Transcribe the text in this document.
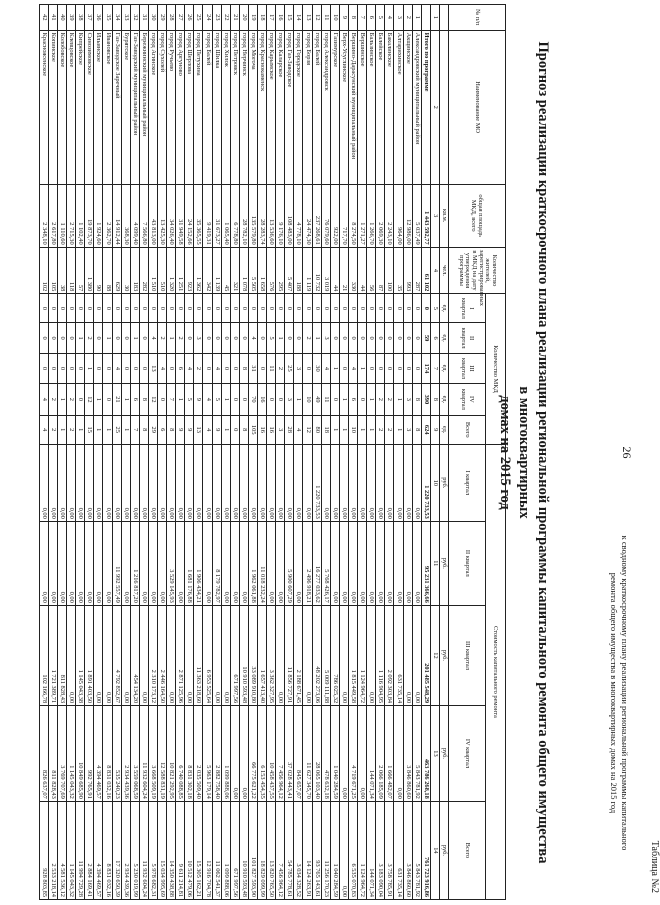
26
Таблица №2
к сводному краткосрочному плану реализации региональной программы капитального
ремонта общего имущества в многоквартирных домах на 2015 год
Прогноз реализации краткосрочного плана реализации региональной программы капитального ремонта общего имущества в многоквартирных
домах на 2015 год
№ п/п	Наименование МО	общая площадь МКД, всего	Количество жителей, зарегистрированных в МКД на дату утверждения программы	Количество МКД					Стоимость капитального ремонта				
				I квартал	II квартал	III квартал	IV квартал	Всего	I квартал	II квартал	III квартал	IV квартал	Всего
		кв.м.	чел.	ед.	ед.	ед.	ед.	ед.	руб.	руб.	руб.	руб.	руб.
1	2	3	4	5	6	7	8	9	10	11	12	13	14
	Итого по программе	1 443 592,77	61 102	0	59	174	390	624	1 220 733,53	95 231 366,66	201 485 548,29	463 786 268,18	761 723 916,86
1	Александровский муниципальный район	5 037,49	287	0	0	0	8	8	0,00	0,00	0,00	5 843 781,92	5 843 781,92
2	Акщинское	12 986,00	993	0	0	0	3	3	0,00	0,00	0,00	3 846 860,60	3 846 860,60
3	Алтарихинское	964,00	35	0	0	0	1	1	0,00	0,00	631 735,14	0,00	631 735,14
4	Бакалинское	2 243,10	100	0	0	0	2	2	0,00	0,00	2 092 303,84	1 666 482,07	3 758 785,91
5	Балейское	2 069,30	87	0	0	0	2	2	0,00	0,00	1 116 904,95	2 066 185,09	3 183 090,04
6	Бальзинское	1 266,70	56	0	0	0	1	1	0,00	0,00	0,00	144 071,34	144 071,34
7	Вершинское	1 271,27	44	0	0	1	0	1	0,00	0,00	1 124 964,72	0,00	1 124 964,72
8	Вершино-Дарасунский муниципальный район	8 274,50	330	0	0	4	6	10	0,00	0,00	1 815 449,58	4 719 671,25	6 535 070,83
9	Верх-Усуглинское	717,70	21	0	0	0	1	1	0,00	0,00	0,00	0,00	0,00
10	Газимурское	922,00	44	0	0	1	0	1	0,00	0,00	786 025,32	1 040 284,59	1 040 284,59
11	город Александровск	76 079,60	3 019	0	3	4	11	18	0,00	5 768 426,17	5 009 111,88	478 632,18	11 256 170,23
12	город Балей	237 268,61	10 732	0	1	30	49	80	1 220 733,53	16 277 033,62	48 202 273,06	28 065 103,40	93 765 143,61
13	город Борзя	24 474,30	1 119	0	2	0	10	12	0,00	2 496 918,21	0,00	11 627 345,70	14 124 263,91
14	город Городское	4 778,10	188	0	0	3	1	4	0,00	0,00	2 188 671,45	845 657,07	3 034 328,52
15	город Газ-Заводское	108 483,00	5 407	0	0	25	3	28	0,00	5 900 607,29	11 856 727,91	37 028 443,41	54 785 778,61
16	город Каларское	9 176,10	295	0	1	2	0	3	0,00	0,00	0,00	7 456 964,12	7 456 964,12
17	город Карымское	13 536,60	576	0	5	11	0	16	0,00	0,00	3 362 327,95	10 458 437,55	13 820 765,50
18	город Краснокаменск	28 283,74	1 658	0	0	0	16	16	0,00	11 018 232,24	1 657 413,40	6 153 454,35	18 829 099,99
19	город Могоча	135 579,80	5 505	0	4	31	70	105	0,00	1 962 061,88	33 089 910,80	66 775 621,22	101 827 593,90
20	город Нерчинск	28 782,10	1 078	0	0	8	0	8	0,00	0,00	10 910 593,48	0,00	10 910 593,48
21	город Петровск	6 778,80	321	0	0	0	0	0	0,00	0,00	671 997,56	0,00	671 997,56
22	город Хилок	1 065,40	45	0	0	0	1	1	0,00	0,00	0,00	1 099 888,06	1 099 888,06
23	город Шилка	31 673,27	1 139	0	0	4	5	9	0,00	8 179 782,97	0,00	2 882 758,40	11 062 541,37
24	город Балей	9 419,31	342	0	0	0	4	4	0,00	0,00	6 953 525,64	5 963 179,14	12 916 704,78
25	город Петухина	35 365,55	1 362	0	3	2	9	13	0,00	1 906 434,21	11 363 218,60	2 035 509,40	15 305 162,21
26	город Шерлова	24 152,66	923	0	0	4	5	9	0,00	1 681 176,88	0,00	8 831 302,18	10 512 479,06
27	город Аргуново	31 949,58	1 251	0	2	6	1	9	0,00	0,00	2 871 125,96	6 740 088,85	9 611 214,81
28	город Ручьево	34 026,40	1 320	0	1	0	7	8	0,00	3 529 145,93	0,00	10 821 292,95	14 350 438,88
29	город Сухолей	13 425,30	510	0	2	4	0	6	0,00	0,00	2 446 164,50	12 588 831,19	15 034 995,69
30	город Агинское	43 813,00	1 510	0	4	13	12	29	0,00	0,00	2 310 173,12	3 668 509,19	5 978 682,31
31	Бережнинский муниципальный район	7 566,80	282	0	0	0	8	8	0,00	0,00	0,00	11 932 604,24	11 932 604,24
32	Газ-Заводский муниципальный район	4 099,40	183	0	1	0	6	7	0,00	1 216 817,20	454 134,20	3 559 068,59	5 230 019,99
33	Бурятское	368,30	30	0	0	0	1	1	0,00	0,00	0,00	2 934 439,36	2 934 439,36
34	Газ-Заводское Заречный	14 912,44	629	0	0	4	21	25	0,00	11 992 557,49	4 792 852,67	535 240,23	17 320 650,39
35	Ивановское	2 362,70	88	0	1	0	0	1	0,00	0,00	0,00	8 831 032,16	8 831 032,16
36	Ильинское	1 924,60	90	0	0	0	1	1	0,00	0,00	0,00	4 394 469,57	4 394 469,57
37	Синозимовское	19 873,70	1 380	0	2	1	12	15	0,00	0,00	1 891 403,50	992 765,91	2 884 169,41
38	Кипрейское	1 102,40	57	0	1	0	0	1	0,00	0,00	1 145 043,38	10 849 685,90	11 994 729,28
39	Клевцовское	2 715,30	118	0	0	0	2	2	0,00	0,00	0,00	1 145 043,32	1 145 043,32
40	Колобовское	1 110,60	38	0	0	0	1	1	0,00	0,00	811 828,43	3 769 707,69	4 581 536,12
41	Копинское	2 617,80	105	0	0	0	2	2	0,00	0,00	1 721 389,71	811 828,43	2 533 218,14
42	Красноясенское	2 348,10	102	0	0	0	4	4	0,00	0,00	102 166,78	826 637,07	928 803,85
